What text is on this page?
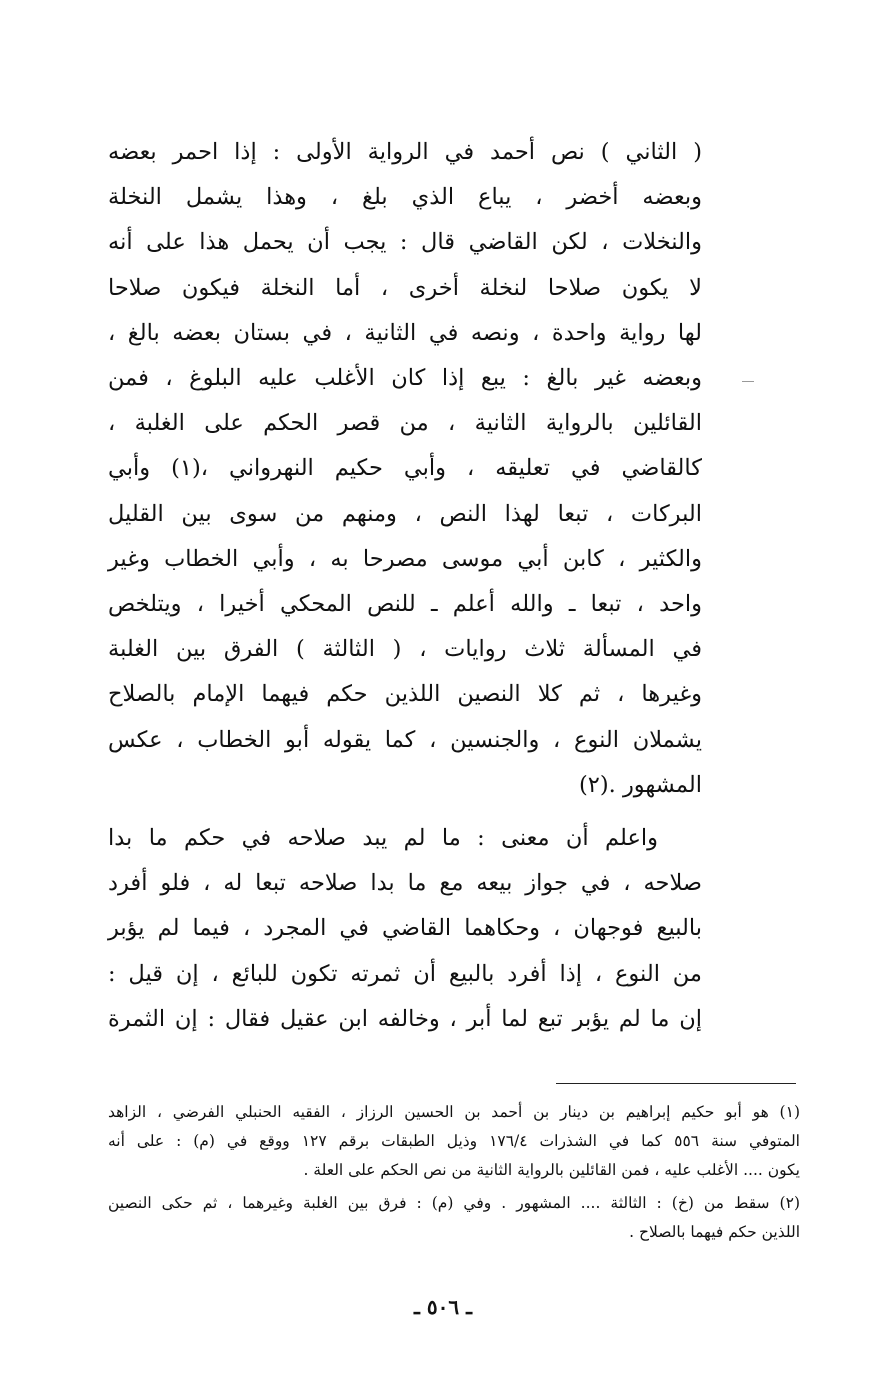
( الثاني ) نص أحمد في الرواية الأولى : إذا احمر بعضه
وبعضه أخضر ، يباع الذي بلغ ، وهذا يشمل النخلة
والنخلات ، لكن القاضي قال : يجب أن يحمل هذا على أنه
لا يكون صلاحا لنخلة أخرى ، أما النخلة فيكون صلاحا
لها رواية واحدة ، ونصه في الثانية ، في بستان بعضه بالغ ،
وبعضه غير بالغ : يبع إذا كان الأغلب عليه البلوغ ، فمن
القائلين بالرواية الثانية ، من قصر الحكم على الغلبة ،
كالقاضي في تعليقه ، وأبي حكيم النهرواني ،(١) وأبي
البركات ، تبعا لهذا النص ، ومنهم من سوى بين القليل
والكثير ، كابن أبي موسى مصرحا به ، وأبي الخطاب وغير
واحد ، تبعا ـ والله أعلم ـ للنص المحكي أخيرا ، ويتلخص
في المسألة ثلاث روايات ، ( الثالثة ) الفرق بين الغلبة
وغيرها ، ثم كلا النصين اللذين حكم فيهما الإمام بالصلاح
يشملان النوع ، والجنسين ، كما يقوله أبو الخطاب ، عكس
المشهور .(٢)
واعلم أن معنى : ما لم يبد صلاحه في حكم ما بدا
صلاحه ، في جواز بيعه مع ما بدا صلاحه تبعا له ، فلو أفرد
بالبيع فوجهان ، وحكاهما القاضي في المجرد ، فيما لم يؤبر
من النوع ، إذا أفرد بالبيع أن ثمرته تكون للبائع ، إن قيل :
إن ما لم يؤبر تبع لما أبر ، وخالفه ابن عقيل فقال : إن الثمرة
(١) هو أبو حكيم إبراهيم بن دينار بن أحمد بن الحسين الرزاز ، الفقيه الحنبلي الفرضي ، الزاهد
المتوفي سنة ٥٥٦ كما في الشذرات ١٧٦/٤ وذيل الطبقات برقم ١٢٧ ووقع في (م) : على أنه
يكون .... الأغلب عليه ، فمن القائلين بالرواية الثانية من نص الحكم على العلة .
(٢) سقط من (خ) : الثالثة .... المشهور . وفي (م) : فرق بين الغلبة وغيرهما ، ثم حكى النصين
اللذين حكم فيهما بالصلاح .
ـ ٥٠٦ ـ
